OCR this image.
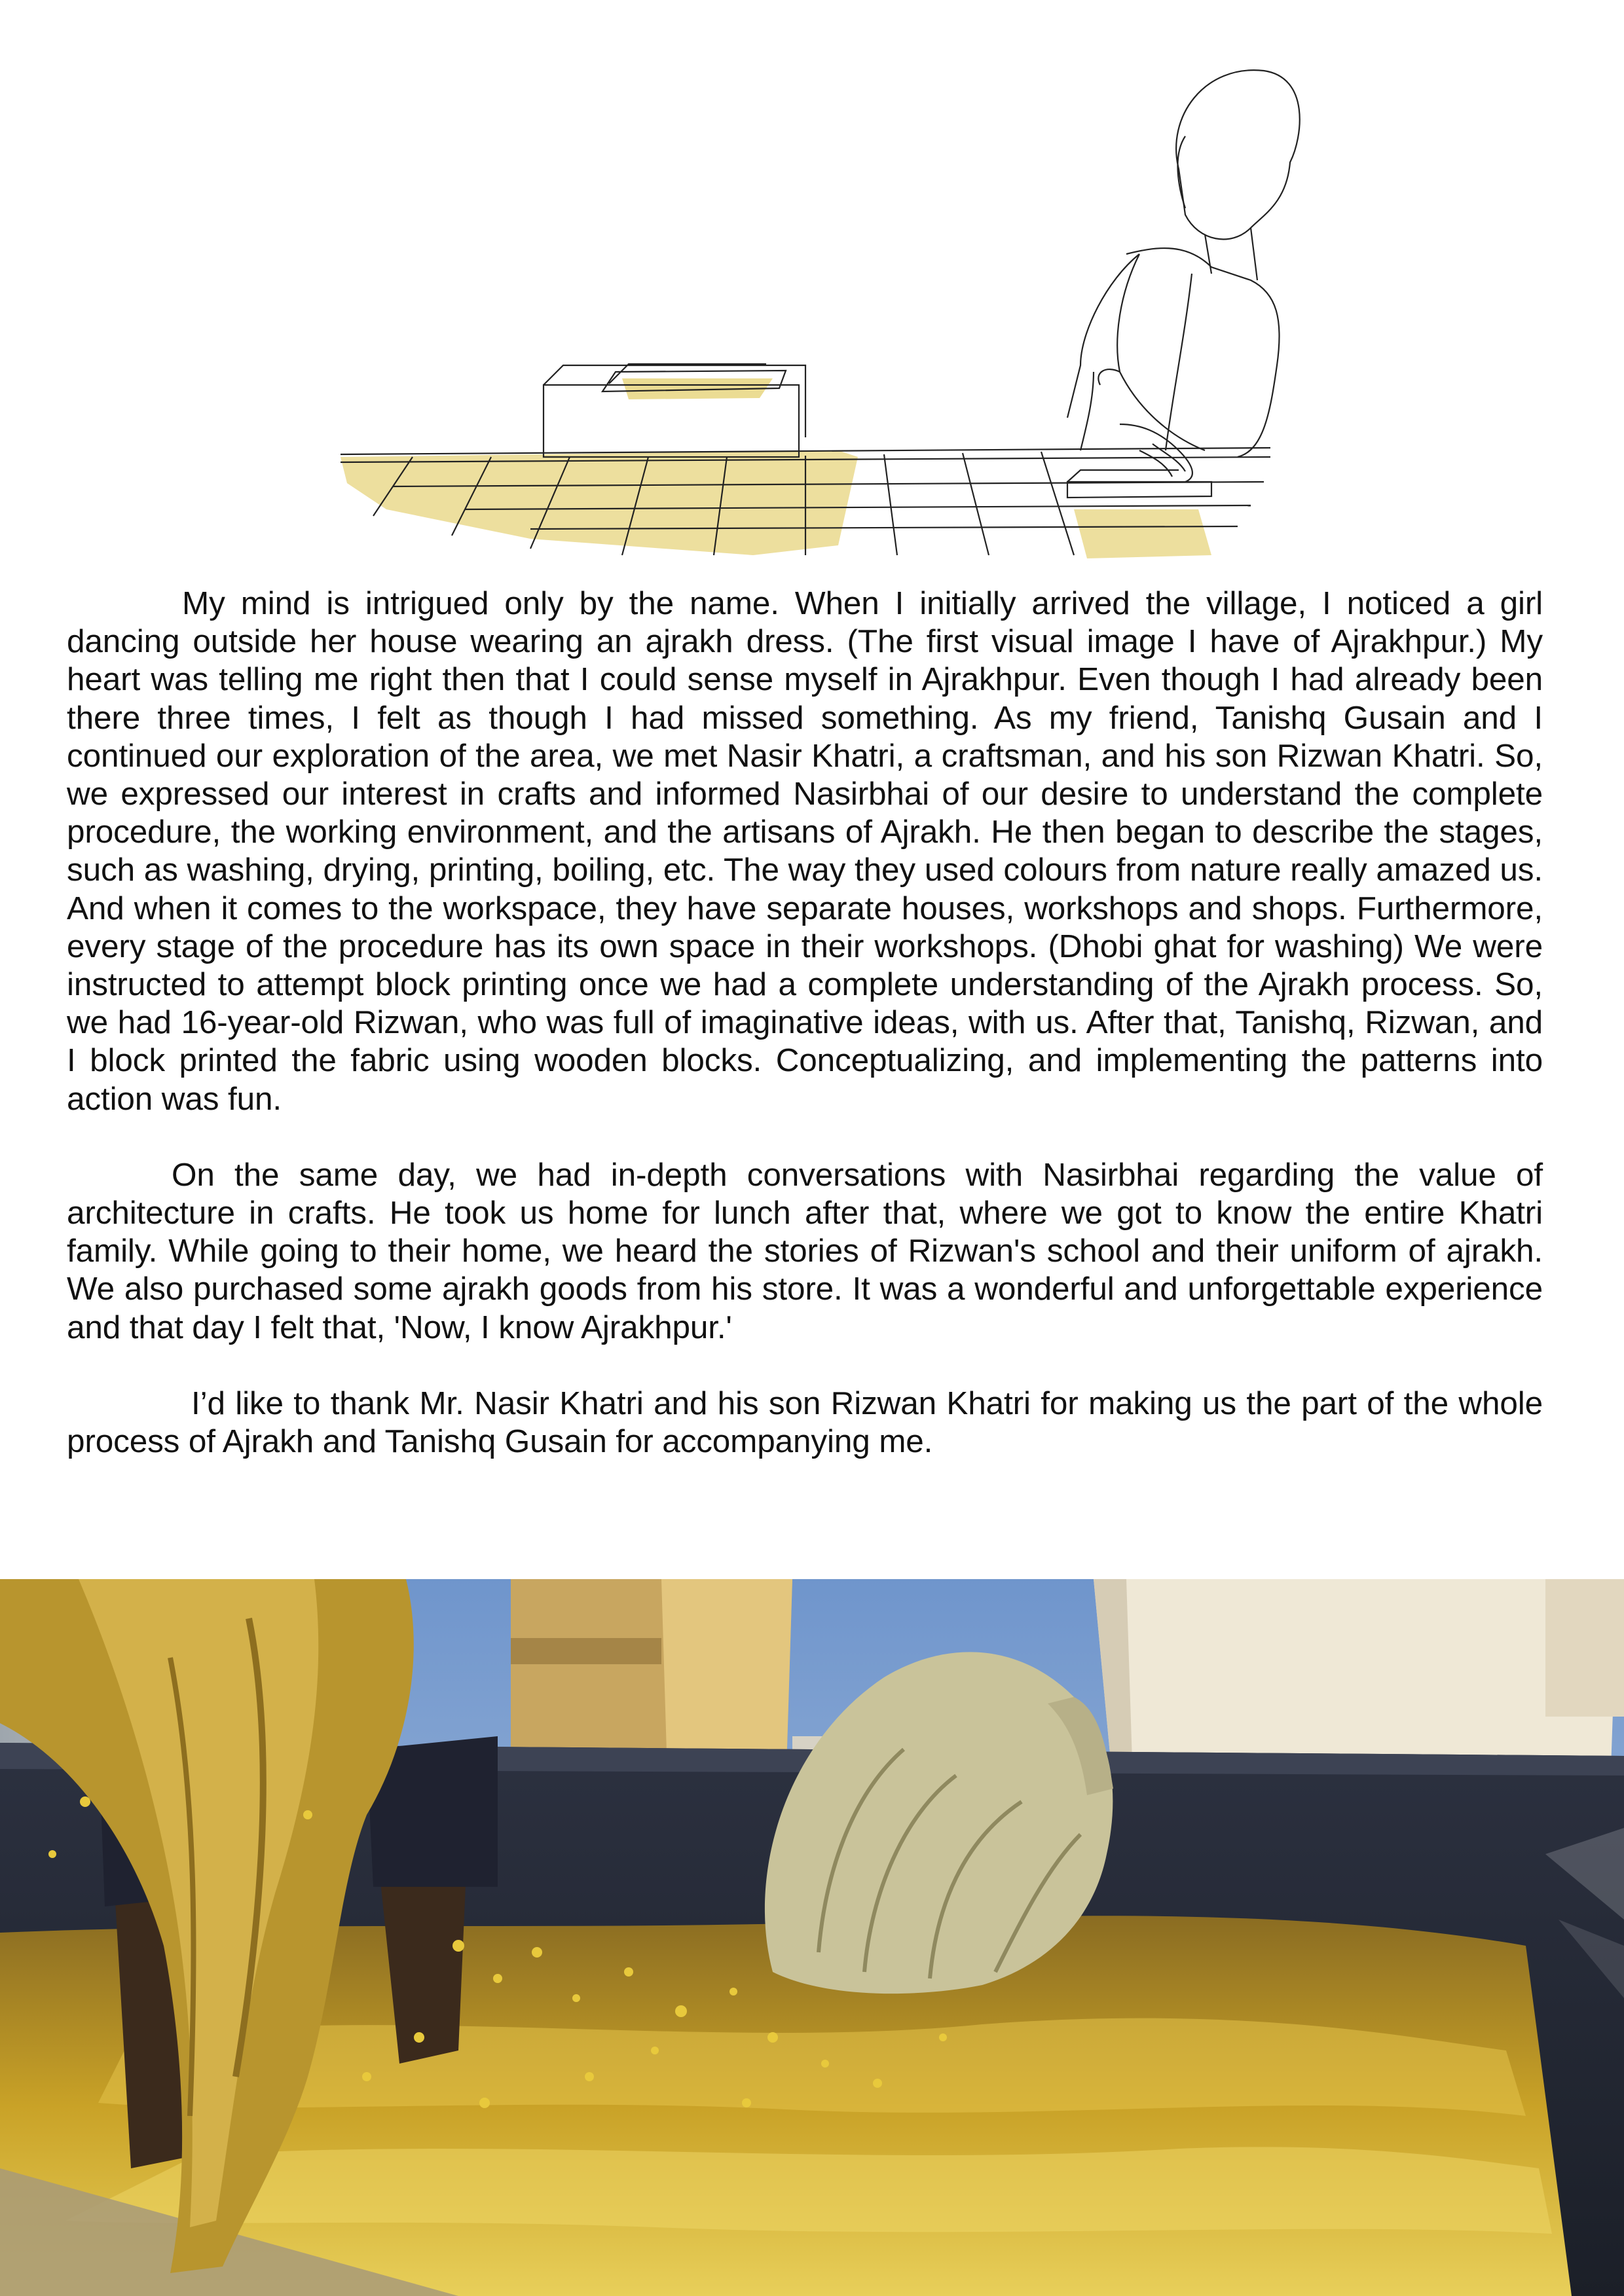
My mind is intrigued only by the name. When I initially arrived the village, I noticed a girl dancing outside her house wearing an ajrakh dress. (The first visual image I have of Ajrakhpur.) My heart was telling me right then that I could sense myself in Ajrakhpur. Even though I had already been there three times, I felt as though I had missed something. As my friend, Tanishq Gusain and I continued our exploration of the area, we met Nasir Khatri, a craftsman, and his son Rizwan Khatri. So, we expressed our interest in crafts and informed Nasirbhai of our desire to understand the complete procedure, the working environment, and the artisans of Ajrakh. He then began to describe the stages, such as washing, drying, printing, boiling, etc. The way they used colours from nature really amazed us. And when it comes to the workspace, they have separate houses, workshops and shops. Furthermore, every stage of the procedure has its own space in their workshops. (Dhobi ghat for washing) We were instructed to attempt block printing once we had a complete understanding of the Ajrakh process. So, we had 16-year-old Rizwan, who was full of imaginative ideas, with us. After that, Tanishq, Rizwan, and I block printed the fabric using wooden blocks. Conceptualizing, and implementing the patterns into action was fun.

On the same day, we had in-depth conversations with Nasirbhai regarding the value of architecture in crafts. He took us home for lunch after that, where we got to know the entire Khatri family. While going to their home, we heard the stories of Rizwan's school and their uniform of ajrakh. We also purchased some ajrakh goods from his store. It was a wonderful and unforgettable experience and that day I felt that, 'Now, I know Ajrakhpur.'

I’d like to thank Mr. Nasir Khatri and his son Rizwan Khatri for making us the part of the whole process of Ajrakh and Tanishq Gusain for accompanying me.
